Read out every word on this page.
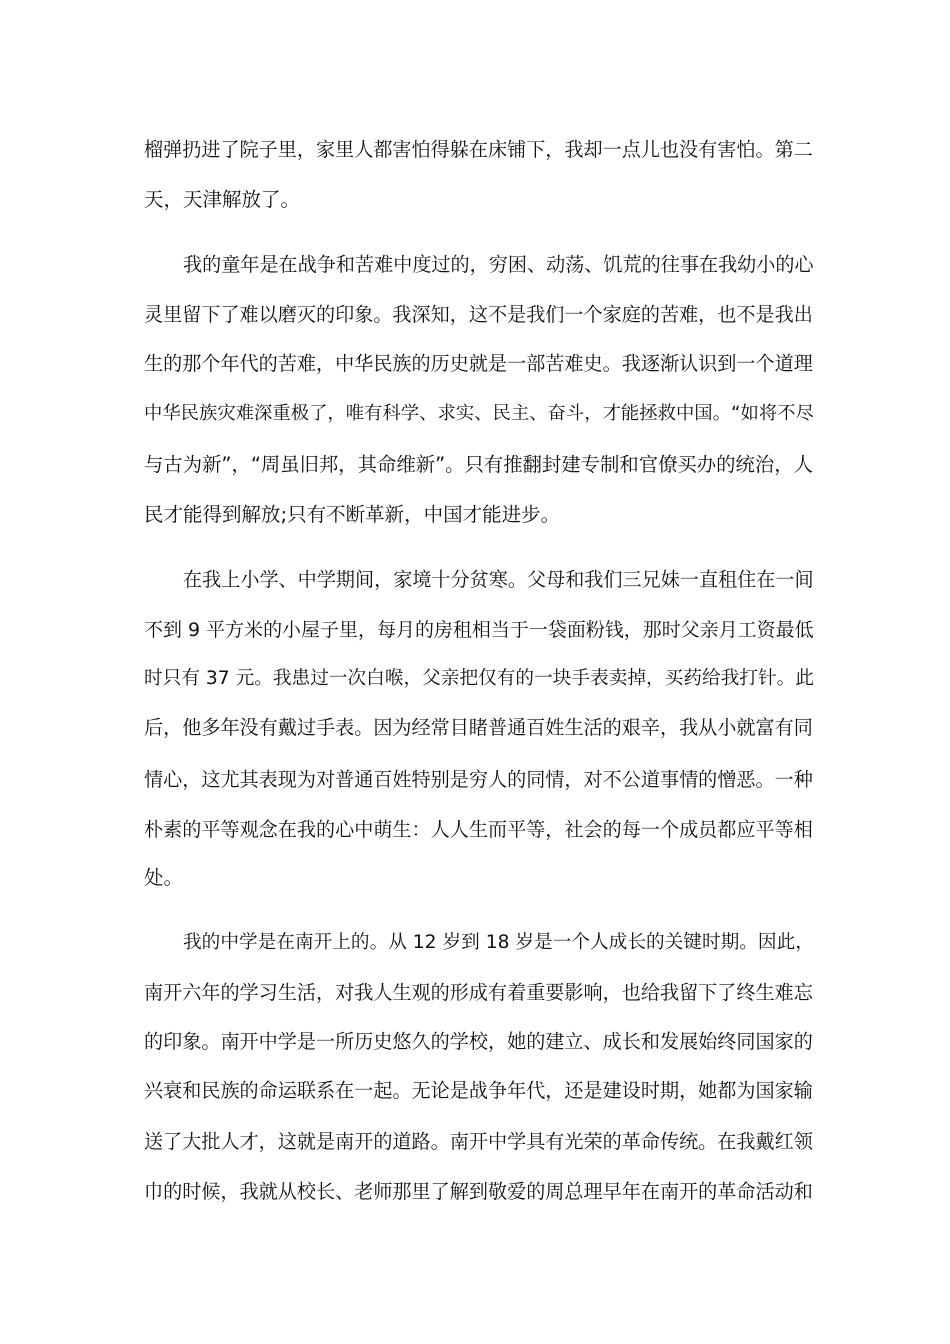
榴弹扔进了院子里，家里人都害怕得躲在床铺下，我却一点儿也没有害怕。第二
天，天津解放了。
我的童年是在战争和苦难中度过的，穷困、动荡、饥荒的往事在我幼小的心
灵里留下了难以磨灭的印象。我深知，这不是我们一个家庭的苦难，也不是我出
生的那个年代的苦难，中华民族的历史就是一部苦难史。我逐渐认识到一个道理
中华民族灾难深重极了，唯有科学、求实、民主、奋斗，才能拯救中国。“如将不尽
与古为新”，“周虽旧邦，其命维新”。只有推翻封建专制和官僚买办的统治，人
民才能得到解放;只有不断革新，中国才能进步。
在我上小学、中学期间，家境十分贫寒。父母和我们三兄妹一直租住在一间
不到 9 平方米的小屋子里，每月的房租相当于一袋面粉钱，那时父亲月工资最低
时只有 37 元。我患过一次白喉，父亲把仅有的一块手表卖掉，买药给我打针。此
后，他多年没有戴过手表。因为经常目睹普通百姓生活的艰辛，我从小就富有同
情心，这尤其表现为对普通百姓特别是穷人的同情，对不公道事情的憎恶。一种
朴素的平等观念在我的心中萌生：人人生而平等，社会的每一个成员都应平等相
处。
我的中学是在南开上的。从 12 岁到 18 岁是一个人成长的关键时期。因此，
南开六年的学习生活，对我人生观的形成有着重要影响，也给我留下了终生难忘
的印象。南开中学是一所历史悠久的学校，她的建立、成长和发展始终同国家的
兴衰和民族的命运联系在一起。无论是战争年代，还是建设时期，她都为国家输
送了大批人才，这就是南开的道路。南开中学具有光荣的革命传统。在我戴红领
巾的时候，我就从校长、老师那里了解到敬爱的周总理早年在南开的革命活动和
